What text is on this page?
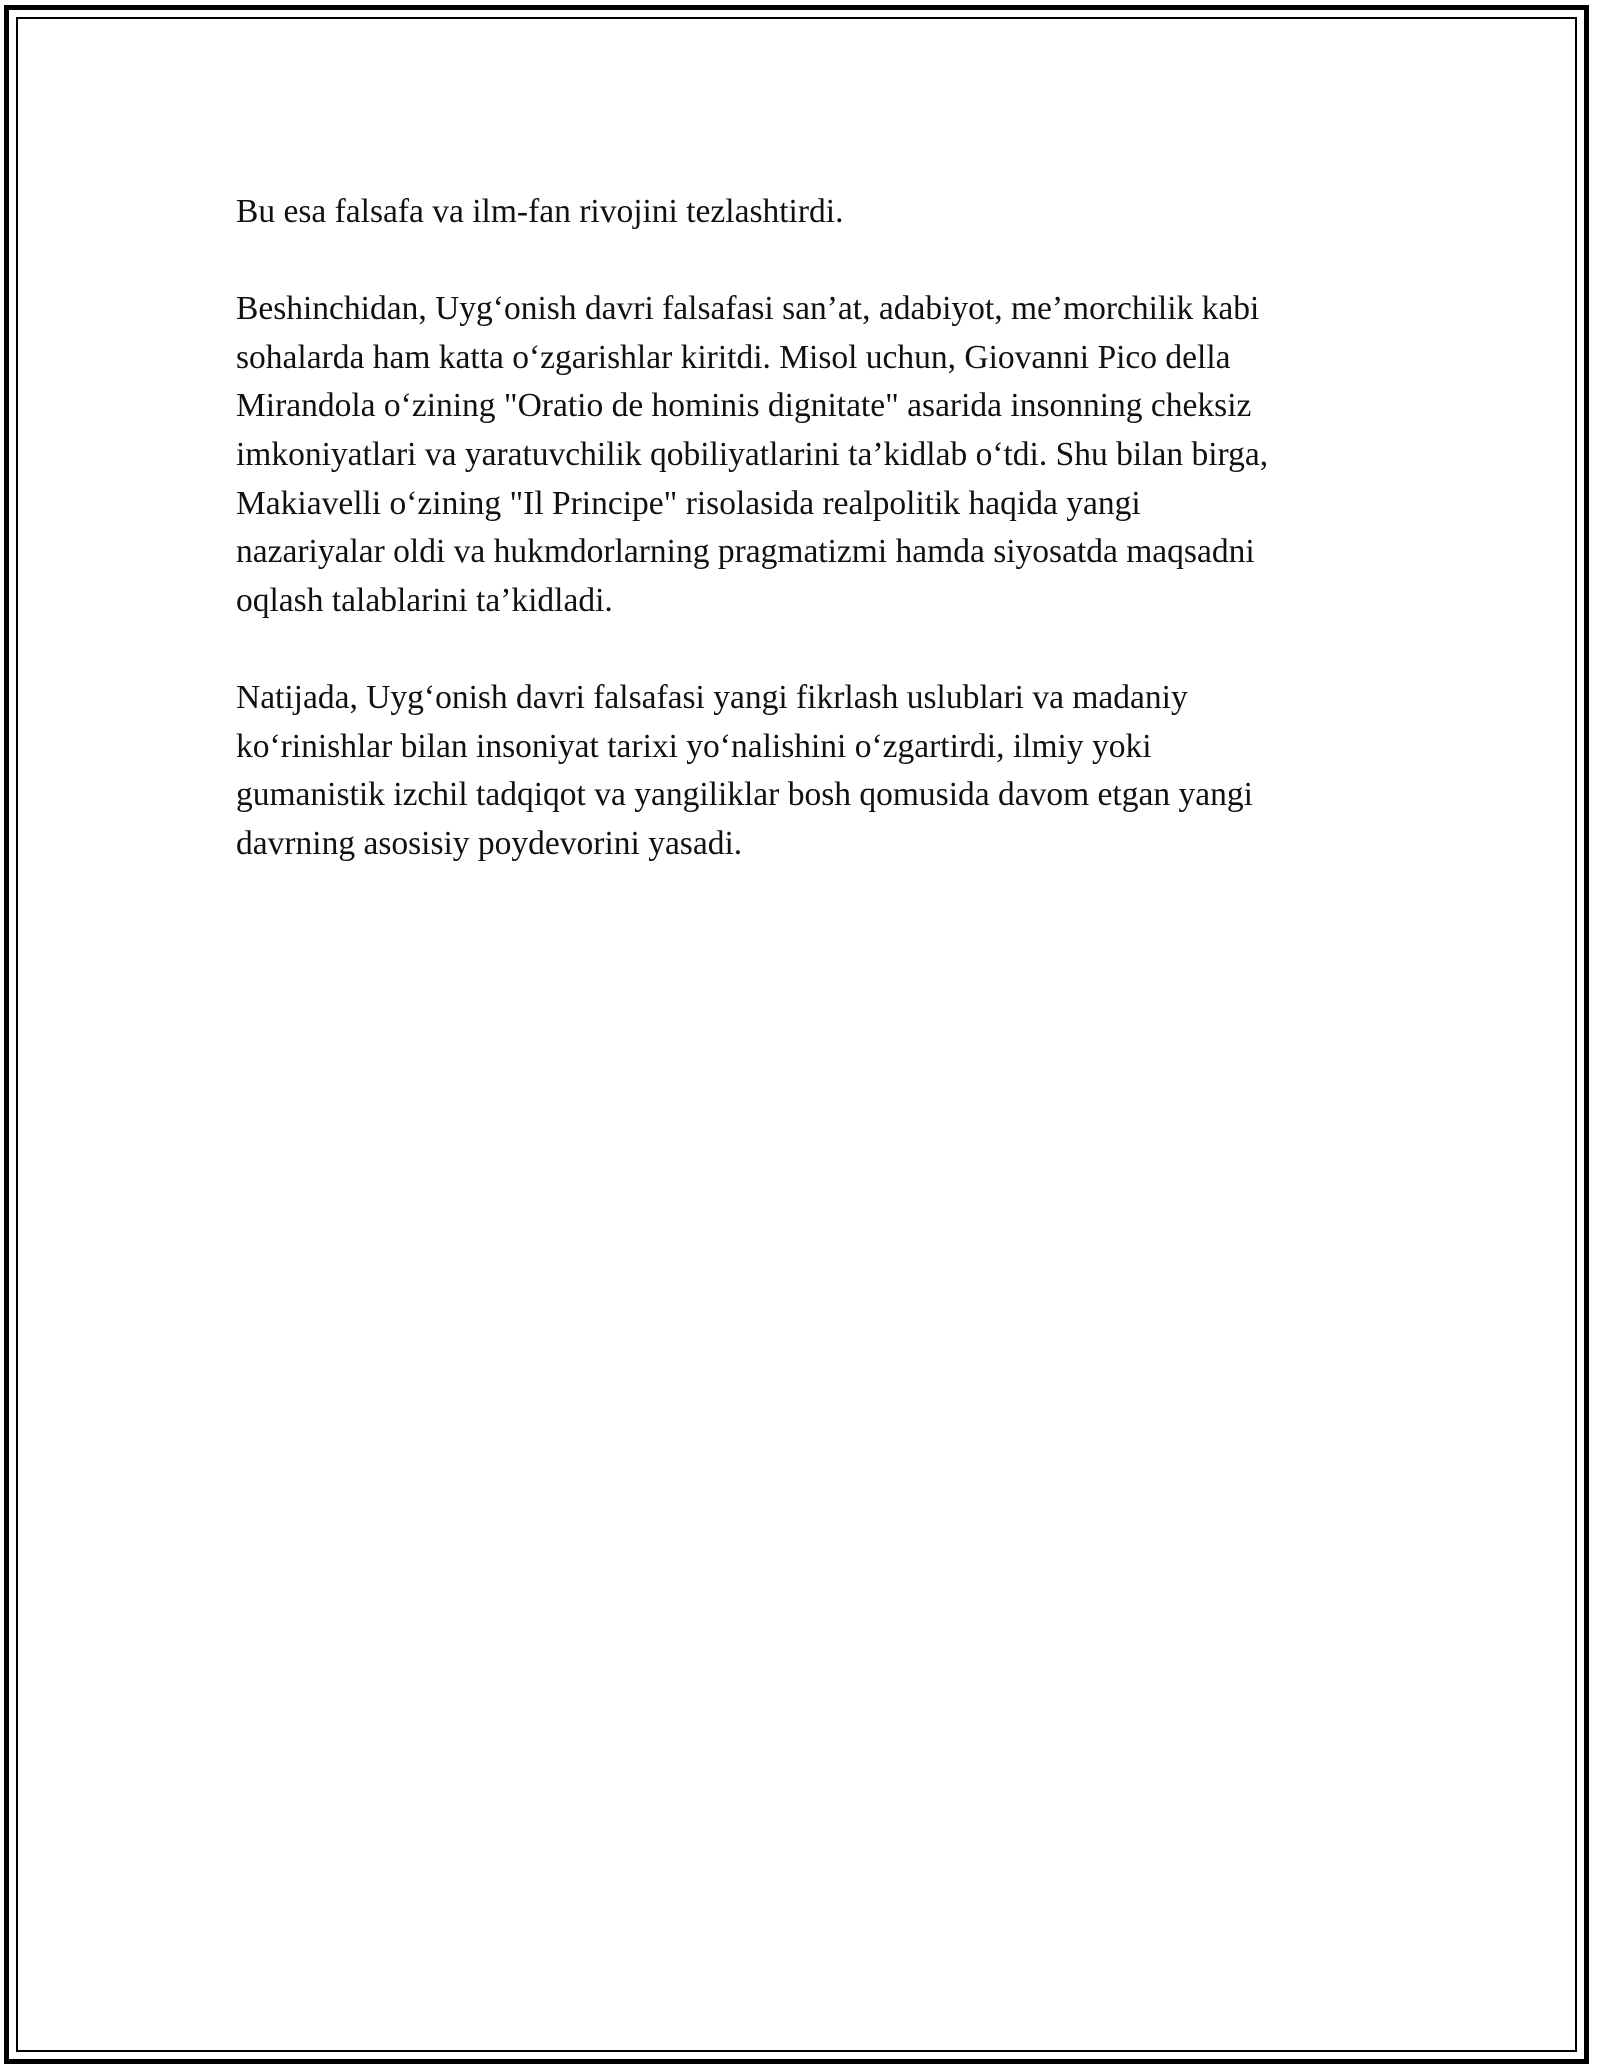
Bu esa falsafa va ilm-fan rivojini tezlashtirdi.

Beshinchidan, Uyg‘onish davri falsafasi san’at, adabiyot, me’morchilik kabi
sohalarda ham katta o‘zgarishlar kiritdi. Misol uchun, Giovanni Pico della
Mirandola o‘zining "Oratio de hominis dignitate" asarida insonning cheksiz
imkoniyatlari va yaratuvchilik qobiliyatlarini ta’kidlab o‘tdi. Shu bilan birga,
Makiavelli o‘zining "Il Principe" risolasida realpolitik haqida yangi
nazariyalar oldi va hukmdorlarning pragmatizmi hamda siyosatda maqsadni
oqlash talablarini ta’kidladi.

Natijada, Uyg‘onish davri falsafasi yangi fikrlash uslublari va madaniy
ko‘rinishlar bilan insoniyat tarixi yo‘nalishini o‘zgartirdi, ilmiy yoki
gumanistik izchil tadqiqot va yangiliklar bosh qomusida davom etgan yangi
davrning asosisiy poydevorini yasadi.
